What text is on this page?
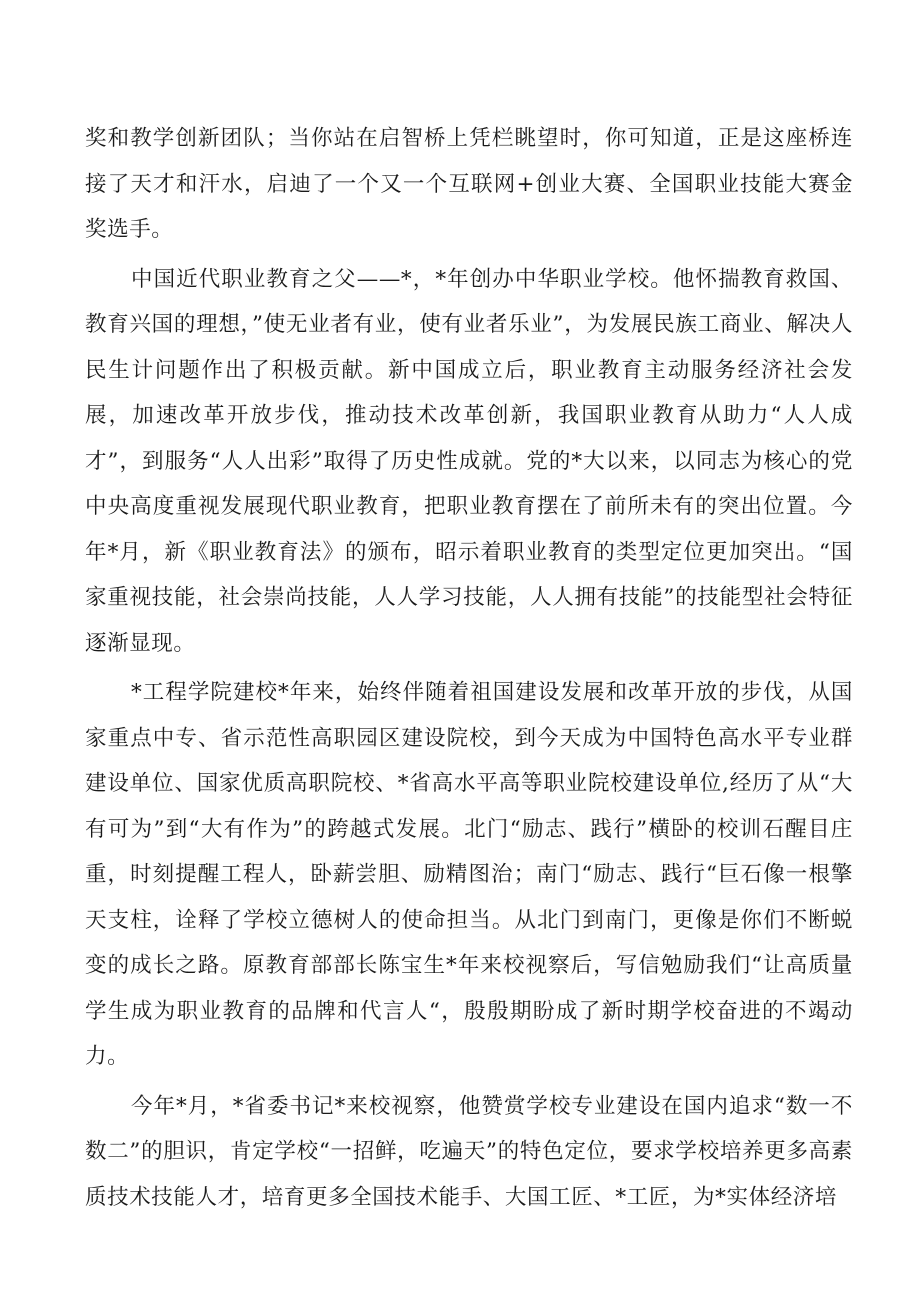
奖和教学创新团队；当你站在启智桥上凭栏眺望时，你可知道，正是这座桥连接了天才和汗水，启迪了一个又一个互联网+创业大赛、全国职业技能大赛金奖选手。

中国近代职业教育之父——*，*年创办中华职业学校。他怀揣教育救国、教育兴国的理想，”使无业者有业，使有业者乐业”，为发展民族工商业、解决人民生计问题作出了积极贡献。新中国成立后，职业教育主动服务经济社会发展，加速改革开放步伐，推动技术改革创新，我国职业教育从助力“人人成才”，到服务“人人出彩”取得了历史性成就。党的*大以来，以同志为核心的党中央高度重视发展现代职业教育，把职业教育摆在了前所未有的突出位置。今年*月，新《职业教育法》的颁布，昭示着职业教育的类型定位更加突出。“国家重视技能，社会崇尚技能，人人学习技能，人人拥有技能”的技能型社会特征逐渐显现。

*工程学院建校*年来，始终伴随着祖国建设发展和改革开放的步伐，从国家重点中专、省示范性高职园区建设院校，到今天成为中国特色高水平专业群建设单位、国家优质高职院校、*省高水平高等职业院校建设单位,经历了从“大有可为”到“大有作为”的跨越式发展。北门“励志、践行”横卧的校训石醒目庄重，时刻提醒工程人，卧薪尝胆、励精图治；南门“励志、践行“巨石像一根擎天支柱，诠释了学校立德树人的使命担当。从北门到南门，更像是你们不断蜕变的成长之路。原教育部部长陈宝生*年来校视察后，写信勉励我们“让高质量学生成为职业教育的品牌和代言人“，殷殷期盼成了新时期学校奋进的不竭动力。

今年*月，*省委书记*来校视察，他赞赏学校专业建设在国内追求“数一不数二”的胆识，肯定学校“一招鲜，吃遍天”的特色定位，要求学校培养更多高素质技术技能人才，培育更多全国技术能手、大国工匠、*工匠，为*实体经济培
